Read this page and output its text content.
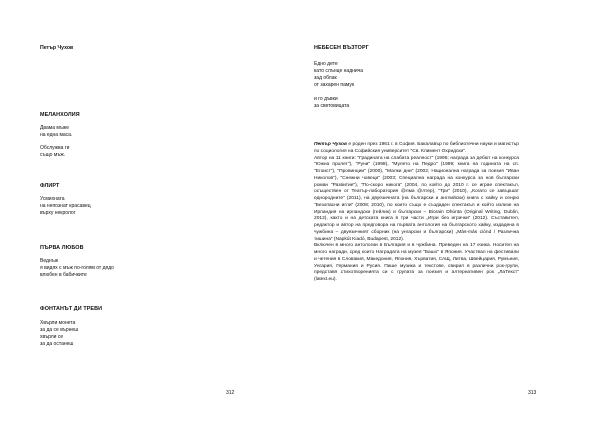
Петър Чухов
МЕЛАНХОЛИЯ
Двама мъже
на една маса.
Обслужва ги
също мъж.
ФЛИРТ
Усмихната
на непознат красавец
върху некролог
ПЪРВА ЛЮБОВ
Веднъж
я видях с мъж по-голям от дядо
влюбен в бабичките
ФОНТАНЪТ ДИ ТРЕВИ
Хвърли монета
за да се върнеш
хвърли се
за да останеш
312
НЕБЕСЕН ВЪЗТОРГ
Едно дете
като слънце надничa
зад облак
от захарен памук
и го дъвки
за световицата

Петър Чухов е роден през 1961 г. в София. Бакалавър по библиотечни науки и магистър по социология на Софийския университет "Св. Климент Охридски".

Автор на 11 книги: "Градината на слабата реалност" (1995; награда за дебют на конкурса "Южна пролет"), "Руни" (1998), "Мулето на Педро" (1999; книга на годината на сп. "Егоист"), "Провинции" (2000), "Малки дни" (2002; Национална награда за поезия "Иван Николов"), "Снежни човеци" (2003; Специална награда на конкурса за нов български роман "Развитие"), "По-скоро никога" (2004, по който до 2010 г. се играе спектакъл, осъществен от Театър-лаборатория @лма @лтер), "Три" (2010), „Когато се завършат еднородните“ (2011), на двуезичната (на български и английски) книга с хайку и сенрю "Безопасни игли" (2008; 2010), по които също е създаден спектакъл и който излизе на Ирландия на ирландски (гейлик) и български – Biorain Dhúnta (Original Writing, Dublin, 2012), както и на детската книга в три части „Игри без играчки“ (2012). Съставител, редактор и автор на предговора на първата антология на българското хайку, издадена в чужбина – двуезичният сборник (на унгарски и български) „Más-más ciónd / Различна тишина“ (Napkút Kiadó, Budapest, 2012).

Включен в много антологии в България и в чужбина. Преведен на 17 езика. Носител на много награди, сред които Наградата на музея "Башо" в Япония. Участвал на фестивали и четения в Словакия, Македония, Япония, Хърватия, САЩ, Литва, Швейцария, Румъния, Унгария, Германия и Русия. Пише музика и текстове, свирил в различни рок-групи, представя стихотворенията си с групата за поезия и алтернативен рок „ЛаТекст" (latext.eu).

313
